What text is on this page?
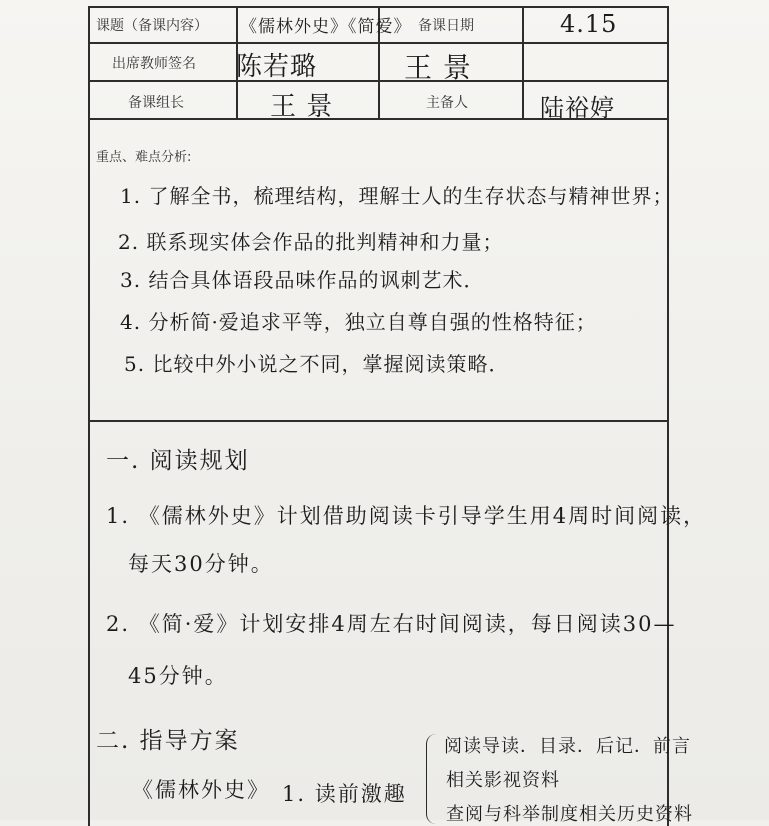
课题（备课内容） 《儒林外史》《简爱》 备课日期	4.15
出席教师签名 陈若璐	王 景
备课组长	王 景	主备人	陆裕婷
重点、难点分析:
1. 了解全书，梳理结构，理解士人的生存状态与精神世界；
2. 联系现实体会作品的批判精神和力量；
3. 结合具体语段品味作品的讽刺艺术．
4. 分析简·爱追求平等，独立自尊自强的性格特征；
5. 比较中外小说之不同，掌握阅读策略．
一. 阅读规划
1. 《儒林外史》计划借助阅读卡引导学生用4周时间阅读，
每天30分钟。
2. 《简·爱》计划安排4周左右时间阅读，每日阅读30—
45分钟。
二. 指导方案
《儒林外史》 1. 读前激趣
阅读导读．目录．后记．前言
相关影视资料
查阅与科举制度相关历史资料
